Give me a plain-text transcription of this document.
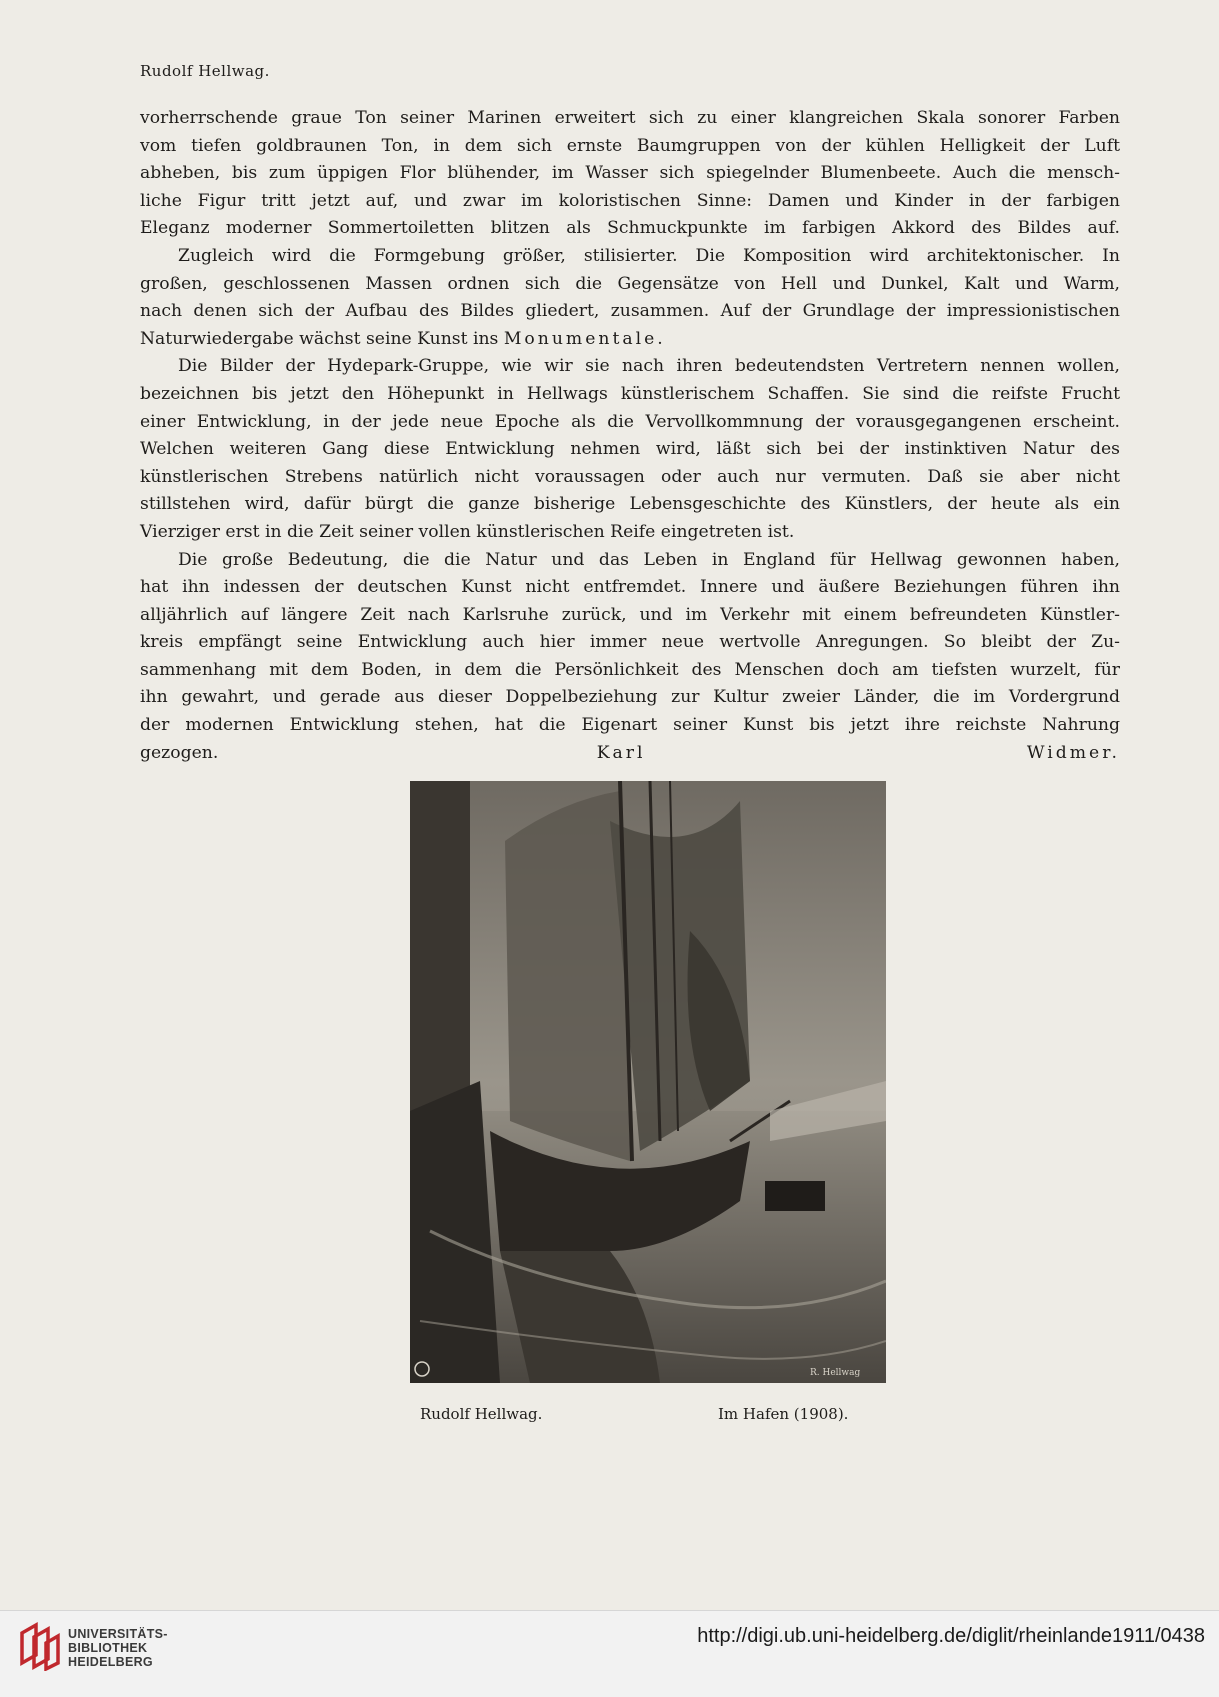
Rudolf Hellwag.
vorherrschende graue Ton seiner Marinen erweitert sich zu einer klangreichen Skala sonorer Farben
vom tiefen goldbraunen Ton, in dem sich ernste Baumgruppen von der kühlen Helligkeit der Luft
abheben, bis zum üppigen Flor blühender, im Wasser sich spiegelnder Blumenbeete. Auch die mensch-
liche Figur tritt jetzt auf, und zwar im koloristischen Sinne: Damen und Kinder in der farbigen
Eleganz moderner Sommertoiletten blitzen als Schmuckpunkte im farbigen Akkord des Bildes auf.
Zugleich wird die Formgebung größer, stilisierter. Die Komposition wird architektonischer. In
großen, geschlossenen Massen ordnen sich die Gegensätze von Hell und Dunkel, Kalt und Warm,
nach denen sich der Aufbau des Bildes gliedert, zusammen. Auf der Grundlage der impressionistischen
Naturwiedergabe wächst seine Kunst ins Monumentale.
Die Bilder der Hydepark-Gruppe, wie wir sie nach ihren bedeutendsten Vertretern nennen wollen,
bezeichnen bis jetzt den Höhepunkt in Hellwags künstlerischem Schaffen. Sie sind die reifste Frucht
einer Entwicklung, in der jede neue Epoche als die Vervollkommnung der vorausgegangenen erscheint.
Welchen weiteren Gang diese Entwicklung nehmen wird, läßt sich bei der instinktiven Natur des
künstlerischen Strebens natürlich nicht voraussagen oder auch nur vermuten. Daß sie aber nicht
stillstehen wird, dafür bürgt die ganze bisherige Lebensgeschichte des Künstlers, der heute als ein
Vierziger erst in die Zeit seiner vollen künstlerischen Reife eingetreten ist.
Die große Bedeutung, die die Natur und das Leben in England für Hellwag gewonnen haben,
hat ihn indessen der deutschen Kunst nicht entfremdet. Innere und äußere Beziehungen führen ihn
alljährlich auf längere Zeit nach Karlsruhe zurück, und im Verkehr mit einem befreundeten Künstler-
kreis empfängt seine Entwicklung auch hier immer neue wertvolle Anregungen. So bleibt der Zu-
sammenhang mit dem Boden, in dem die Persönlichkeit des Menschen doch am tiefsten wurzelt, für
ihn gewahrt, und gerade aus dieser Doppelbeziehung zur Kultur zweier Länder, die im Vordergrund
der modernen Entwicklung stehen, hat die Eigenart seiner Kunst bis jetzt ihre reichste Nahrung
gezogen.	Karl Widmer.
R. Hellwag
Rudolf Hellwag.	Im Hafen (1908).
UNIVERSITÄTS-
BIBLIOTHEK
HEIDELBERG
http://digi.ub.uni-heidelberg.de/diglit/rheinlande1911/0438
